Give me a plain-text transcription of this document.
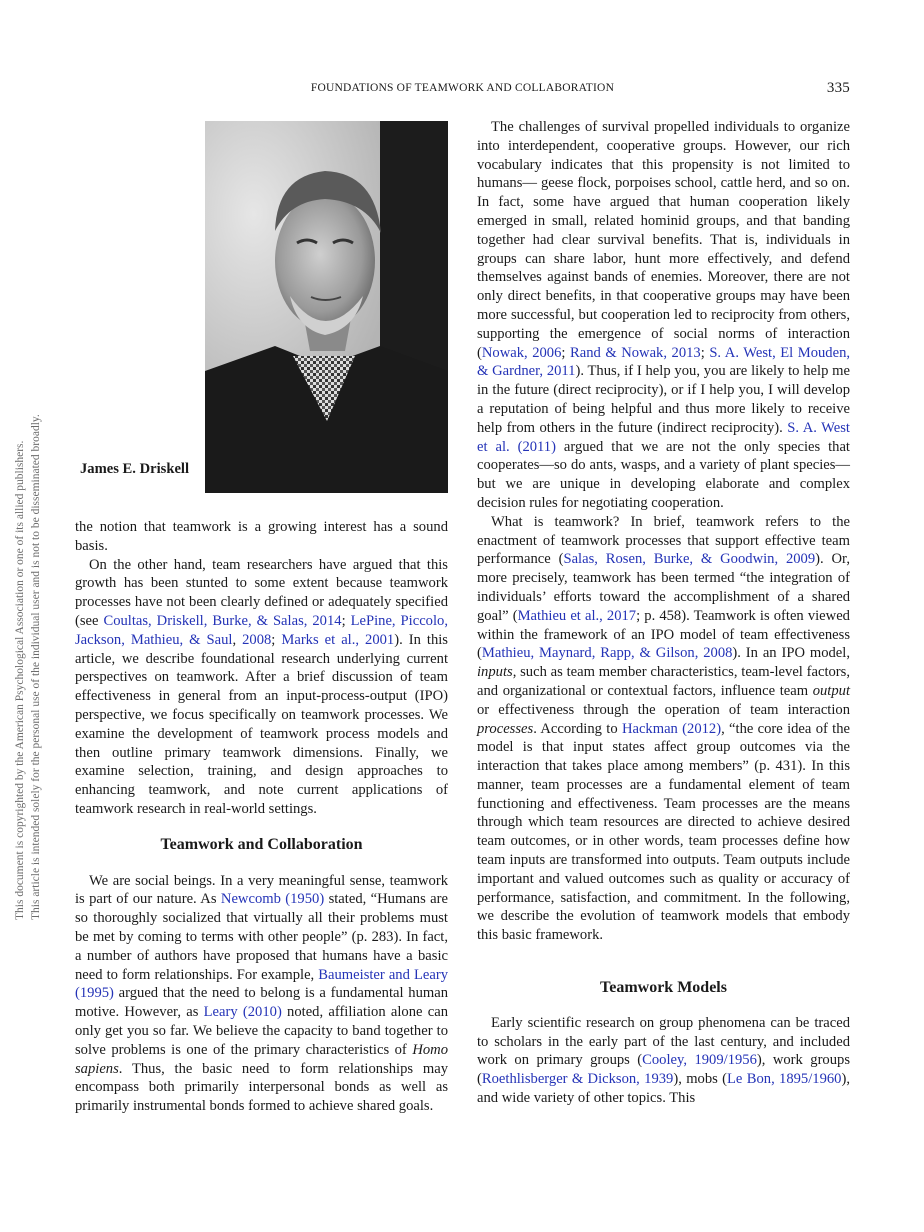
FOUNDATIONS OF TEAMWORK AND COLLABORATION	335
This document is copyrighted by the American Psychological Association or one of its allied publishers. This article is intended solely for the personal use of the individual user and is not to be disseminated broadly.	James E. Driskell

the notion that teamwork is a growing interest has a sound basis.

On the other hand, team researchers have argued that this growth has been stunted to some extent because teamwork processes have not been clearly defined or adequately specified (see Coultas, Driskell, Burke, & Salas, 2014; LePine, Piccolo, Jackson, Mathieu, & Saul, 2008; Marks et al., 2001). In this article, we describe foundational research underlying current perspectives on teamwork. After a brief discussion of team effectiveness in general from an input-process-output (IPO) perspective, we focus specifically on teamwork processes. We examine the development of teamwork process models and then outline primary teamwork dimensions. Finally, we examine selection, training, and design approaches to enhancing teamwork, and note current applications of teamwork research in real-world settings.

Teamwork and Collaboration

We are social beings. In a very meaningful sense, teamwork is part of our nature. As Newcomb (1950) stated, “Humans are so thoroughly socialized that virtually all their problems must be met by coming to terms with other people” (p. 283). In fact, a number of authors have proposed that humans have a basic need to form relationships. For example, Baumeister and Leary (1995) argued that the need to belong is a fundamental human motive. However, as Leary (2010) noted, affiliation alone can only get you so far. We believe the capacity to band together to solve problems is one of the primary characteristics of Homo sapiens. Thus, the basic need to form relationships may encompass both primarily interpersonal bonds as well as primarily instrumental bonds formed to achieve shared goals.

The challenges of survival propelled individuals to organize into interdependent, cooperative groups. However, our rich vocabulary indicates that this propensity is not limited to humans— geese flock, porpoises school, cattle herd, and so on. In fact, some have argued that human cooperation likely emerged in small, related hominid groups, and that banding together had clear survival benefits. That is, individuals in groups can share labor, hunt more effectively, and defend themselves against bands of enemies. Moreover, there are not only direct benefits, in that cooperative groups may have been more successful, but cooperation led to reciprocity from others, supporting the emergence of social norms of interaction (Nowak, 2006; Rand & Nowak, 2013; S. A. West, El Mouden, & Gardner, 2011). Thus, if I help you, you are likely to help me in the future (direct reciprocity), or if I help you, I will develop a reputation of being helpful and thus more likely to receive help from others in the future (indirect reciprocity). S. A. West et al. (2011) argued that we are not the only species that cooperates—so do ants, wasps, and a variety of plant species— but we are unique in developing elaborate and complex decision rules for negotiating cooperation.

What is teamwork? In brief, teamwork refers to the enactment of teamwork processes that support effective team performance (Salas, Rosen, Burke, & Goodwin, 2009). Or, more precisely, teamwork has been termed “the integration of individuals’ efforts toward the accomplishment of a shared goal” (Mathieu et al., 2017; p. 458). Teamwork is often viewed within the framework of an IPO model of team effectiveness (Mathieu, Maynard, Rapp, & Gilson, 2008). In an IPO model, inputs, such as team member characteristics, team-level factors, and organizational or contextual factors, influence team output or effectiveness through the operation of team interaction processes. According to Hackman (2012), “the core idea of the model is that input states affect group outcomes via the interaction that takes place among members” (p. 431). In this manner, team processes are a fundamental element of team functioning and effectiveness. Team processes are the means through which team resources are directed to achieve desired team outcomes, or in other words, team processes define how team inputs are transformed into outputs. Team outputs include important and valued outcomes such as quality or accuracy of performance, satisfaction, and commitment. In the following, we describe the evolution of teamwork models that embody this basic framework.

Teamwork Models

Early scientific research on group phenomena can be traced to scholars in the early part of the last century, and included work on primary groups (Cooley, 1909/1956), work groups (Roethlisberger & Dickson, 1939), mobs (Le Bon, 1895/1960), and wide variety of other topics. This
